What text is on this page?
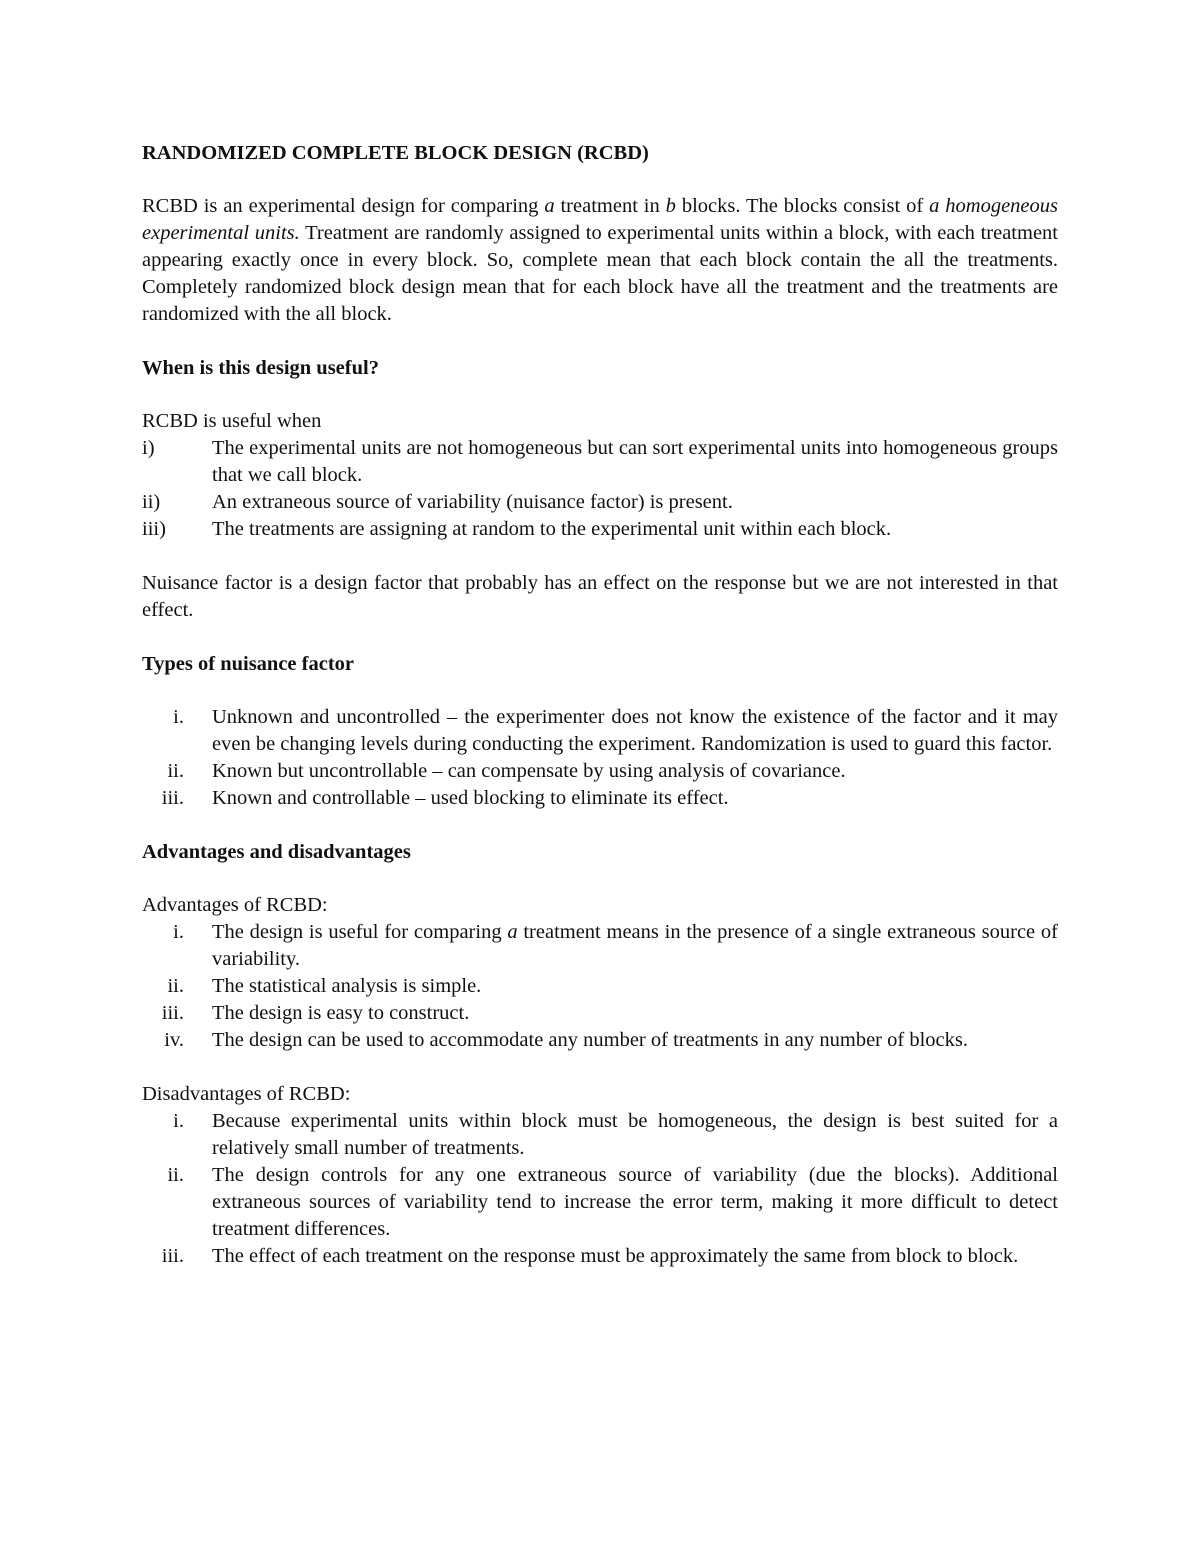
RANDOMIZED COMPLETE BLOCK DESIGN (RCBD)

RCBD is an experimental design for comparing a treatment in b blocks. The blocks consist of a homogeneous experimental units. Treatment are randomly assigned to experimental units within a block, with each treatment appearing exactly once in every block. So, complete mean that each block contain the all the treatments. Completely randomized block design mean that for each block have all the treatment and the treatments are randomized with the all block.

When is this design useful?

RCBD is useful when

i)	The experimental units are not homogeneous but can sort experimental units into homogeneous groups that we call block.
ii)	An extraneous source of variability (nuisance factor) is present.
iii)	The treatments are assigning at random to the experimental unit within each block.

Nuisance factor is a design factor that probably has an effect on the response but we are not interested in that effect.

Types of nuisance factor
i.	Unknown and uncontrolled – the experimenter does not know the existence of the factor and it may even be changing levels during conducting the experiment. Randomization is used to guard this factor.
ii.	Known but uncontrollable – can compensate by using analysis of covariance.
iii.	Known and controllable – used blocking to eliminate its effect.
Advantages and disadvantages

Advantages of RCBD:

i.	The design is useful for comparing a treatment means in the presence of a single extraneous source of variability.
ii.	The statistical analysis is simple.
iii.	The design is easy to construct.
iv.	The design can be used to accommodate any number of treatments in any number of blocks.

Disadvantages of RCBD:

i.	Because experimental units within block must be homogeneous, the design is best suited for a relatively small number of treatments.
ii.	The design controls for any one extraneous source of variability (due the blocks). Additional extraneous sources of variability tend to increase the error term, making it more difficult to detect treatment differences.
iii.	The effect of each treatment on the response must be approximately the same from block to block.
